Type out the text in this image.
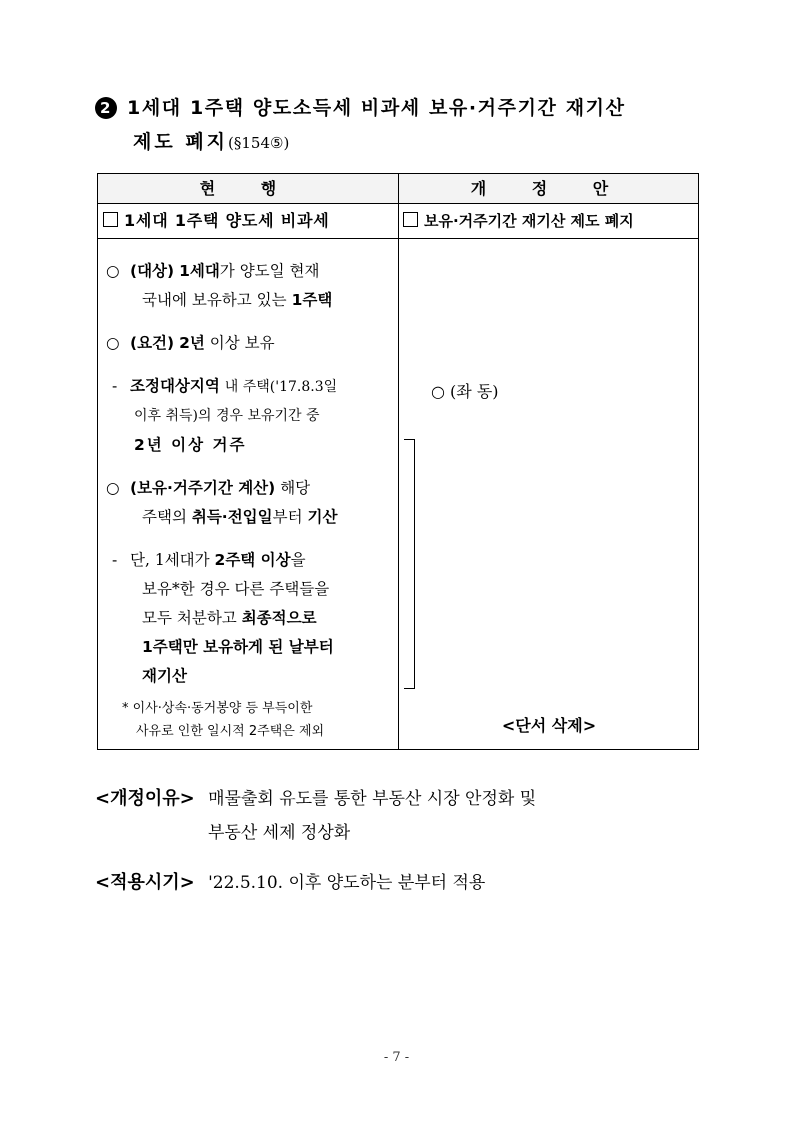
2 1세대 1주택 양도소득세 비과세 보유·거주기간 재기산
제도 폐지(§154⑤)
현 행	개 정 안
1세대 1주택 양도세 비과세	보유·거주기간 재기산 제도 폐지
○ (대상) 1세대가 양도일 현재
국내에 보유하고 있는 1주택
○ (요건) 2년 이상 보유
- 조정대상지역 내 주택('17.8.3일
이후 취득)의 경우 보유기간 중
2년 이상 거주
○ (보유·거주기간 계산) 해당
주택의 취득·전입일부터 기산
- 단, 1세대가 2주택 이상을
보유*한 경우 다른 주택들을
모두 처분하고 최종적으로
1주택만 보유하게 된 날부터
재기산
* 이사·상속·동거봉양 등 부득이한
사유로 인한 일시적 2주택은 제외
○ (좌 동)
<단서 삭제>
<개정이유> 매물출회 유도를 통한 부동산 시장 안정화 및
부동산 세제 정상화
<적용시기> '22.5.10. 이후 양도하는 분부터 적용
- 7 -
